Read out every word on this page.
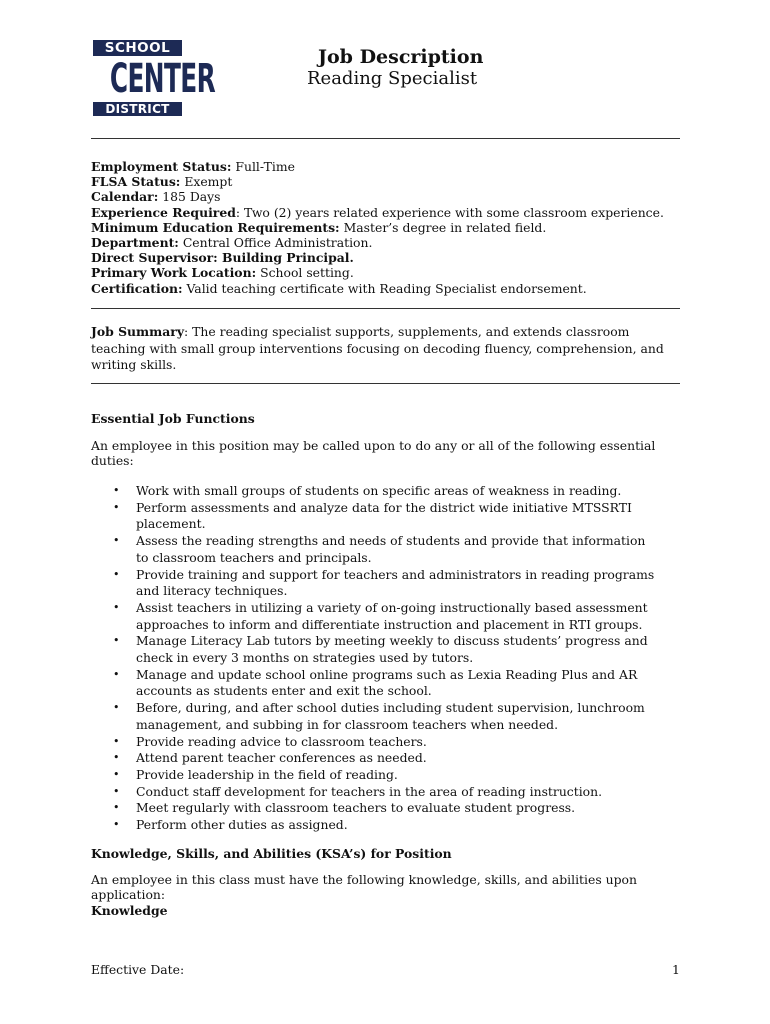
SCHOOL
CENTER
DISTRICT
Job Description
Reading Specialist
Employment Status: Full-Time
FLSA Status: Exempt
Calendar: 185 Days
Experience Required: Two (2) years related experience with some classroom experience.
Minimum Education Requirements: Master’s degree in related field.
Department: Central Office Administration.
Direct Supervisor: Building Principal.
Primary Work Location: School setting.
Certification: Valid teaching certificate with Reading Specialist endorsement.

Job Summary: The reading specialist supports, supplements, and extends classroom teaching with small group interventions focusing on decoding fluency, comprehension, and writing skills.

Essential Job Functions
An employee in this position may be called upon to do any or all of the following essential duties:
• Work with small groups of students on specific areas of weakness in reading.
• Perform assessments and analyze data for the district wide initiative MTSSRTI placement.
• Assess the reading strengths and needs of students and provide that information to classroom teachers and principals.
• Provide training and support for teachers and administrators in reading programs and literacy techniques.
• Assist teachers in utilizing a variety of on-going instructionally based assessment approaches to inform and differentiate instruction and placement in RTI groups.
• Manage Literacy Lab tutors by meeting weekly to discuss students’ progress and check in every 3 months on strategies used by tutors.
• Manage and update school online programs such as Lexia Reading Plus and AR accounts as students enter and exit the school.
• Before, during, and after school duties including student supervision, lunchroom management, and subbing in for classroom teachers when needed.
• Provide reading advice to classroom teachers.
• Attend parent teacher conferences as needed.
• Provide leadership in the field of reading.
• Conduct staff development for teachers in the area of reading instruction.
• Meet regularly with classroom teachers to evaluate student progress.
• Perform other duties as assigned.
Knowledge, Skills, and Abilities (KSA’s) for Position
An employee in this class must have the following knowledge, skills, and abilities upon application:
Knowledge
Effective Date:	1
